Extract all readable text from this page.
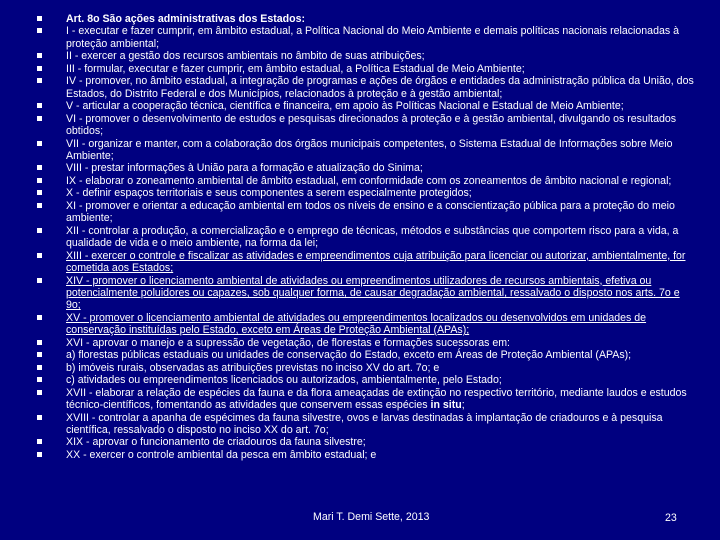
Art. 8o São ações administrativas dos Estados:
I - executar e fazer cumprir, em âmbito estadual, a Política Nacional do Meio Ambiente e demais políticas nacionais relacionadas à proteção ambiental;
II - exercer a gestão dos recursos ambientais no âmbito de suas atribuições;
III - formular, executar e fazer cumprir, em âmbito estadual, a Política Estadual de Meio Ambiente;
IV - promover, no âmbito estadual, a integração de programas e ações de órgãos e entidades da administração pública da União, dos Estados, do Distrito Federal e dos Municípios, relacionados à proteção e à gestão ambiental;
V - articular a cooperação técnica, científica e financeira, em apoio às Políticas Nacional e Estadual de Meio Ambiente;
VI - promover o desenvolvimento de estudos e pesquisas direcionados à proteção e à gestão ambiental, divulgando os resultados obtidos;
VII - organizar e manter, com a colaboração dos órgãos municipais competentes, o Sistema Estadual de Informações sobre Meio Ambiente;
VIII - prestar informações à União para a formação e atualização do Sinima;
IX - elaborar o zoneamento ambiental de âmbito estadual, em conformidade com os zoneamentos de âmbito nacional e regional;
X - definir espaços territoriais e seus componentes a serem especialmente protegidos;
XI - promover e orientar a educação ambiental em todos os níveis de ensino e a conscientização pública para a proteção do meio ambiente;
XII - controlar a produção, a comercialização e o emprego de técnicas, métodos e substâncias que comportem risco para a vida, a qualidade de vida e o meio ambiente, na forma da lei;
XIII - exercer o controle e fiscalizar as atividades e empreendimentos cuja atribuição para licenciar ou autorizar, ambientalmente, for cometida aos Estados;
XIV - promover o licenciamento ambiental de atividades ou empreendimentos utilizadores de recursos ambientais, efetiva ou potencialmente poluidores ou capazes, sob qualquer forma, de causar degradação ambiental, ressalvado o disposto nos arts. 7o e 9o;
XV - promover o licenciamento ambiental de atividades ou empreendimentos localizados ou desenvolvidos em unidades de conservação instituídas pelo Estado, exceto em Áreas de Proteção Ambiental (APAs);
XVI - aprovar o manejo e a supressão de vegetação, de florestas e formações sucessoras em:
a) florestas públicas estaduais ou unidades de conservação do Estado, exceto em Áreas de Proteção Ambiental (APAs);
b) imóveis rurais, observadas as atribuições previstas no inciso XV do art. 7o; e
c) atividades ou empreendimentos licenciados ou autorizados, ambientalmente, pelo Estado;
XVII - elaborar a relação de espécies da fauna e da flora ameaçadas de extinção no respectivo território, mediante laudos e estudos técnico-científicos, fomentando as atividades que conservem essas espécies in situ;
XVIII - controlar a apanha de espécimes da fauna silvestre, ovos e larvas destinadas à implantação de criadouros e à pesquisa científica, ressalvado o disposto no inciso XX do art. 7o;
XIX - aprovar o funcionamento de criadouros da fauna silvestre;
XX - exercer o controle ambiental da pesca em âmbito estadual; e
Mari T. Demi Sette, 2013	23
